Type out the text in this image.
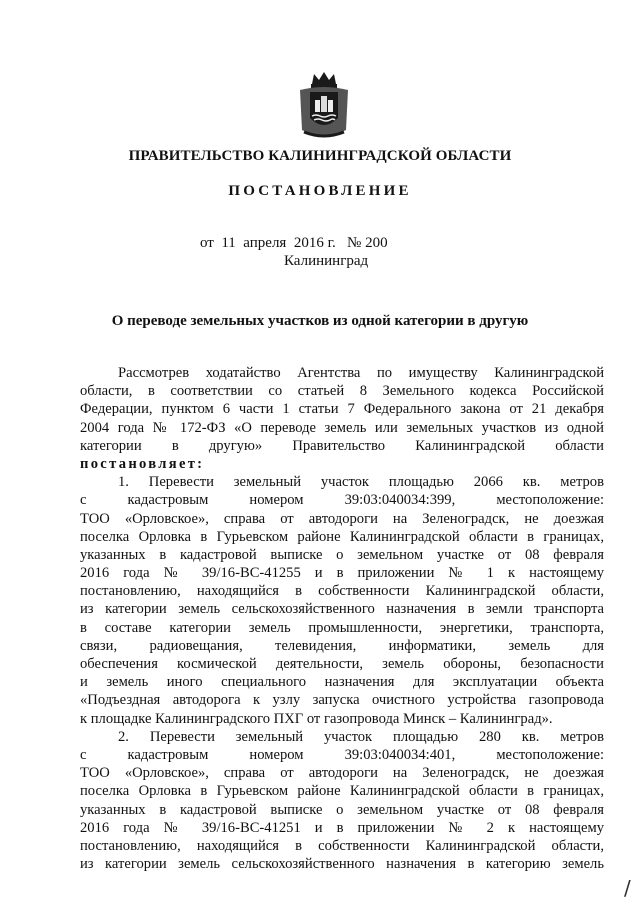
ПРАВИТЕЛЬСТВО КАЛИНИНГРАДСКОЙ ОБЛАСТИ
ПОСТАНОВЛЕНИЕ
от  11  апреля  2016 г.   № 200
Калининград
О переводе земельных участков из одной категории в другую
Рассмотрев ходатайство Агентства по имуществу Калининградской
области, в соответствии со статьей 8 Земельного кодекса Российской
Федерации, пунктом 6 части 1 статьи 7 Федерального закона от 21 декабря
2004 года № 172-ФЗ «О переводе земель или земельных участков из одной
категории в другую» Правительство Калининградской области
постановляет:
1. Перевести земельный участок площадью 2066 кв. метров
с кадастровым номером 39:03:040034:399, местоположение:
ТОО «Орловское», справа от автодороги на Зеленоградск, не доезжая
поселка Орловка в Гурьевском районе Калининградской области в границах,
указанных в кадастровой выписке о земельном участке от 08 февраля
2016 года № 39/16-ВС-41255 и в приложении № 1 к настоящему
постановлению, находящийся в собственности Калининградской области,
из категории земель сельскохозяйственного назначения в земли транспорта
в составе категории земель промышленности, энергетики, транспорта,
связи, радиовещания, телевидения, информатики, земель для
обеспечения космической деятельности, земель обороны, безопасности
и земель иного специального назначения для эксплуатации объекта
«Подъездная автодорога к узлу запуска очистного устройства газопровода
к площадке Калининградского ПХГ от газопровода Минск – Калининград».
2. Перевести земельный участок площадью 280 кв. метров
с кадастровым номером 39:03:040034:401, местоположение:
ТОО «Орловское», справа от автодороги на Зеленоградск, не доезжая
поселка Орловка в Гурьевском районе Калининградской области в границах,
указанных в кадастровой выписке о земельном участке от 08 февраля
2016 года № 39/16-ВС-41251 и в приложении № 2 к настоящему
постановлению, находящийся в собственности Калининградской области,
из категории земель сельскохозяйственного назначения в категорию земель
/
